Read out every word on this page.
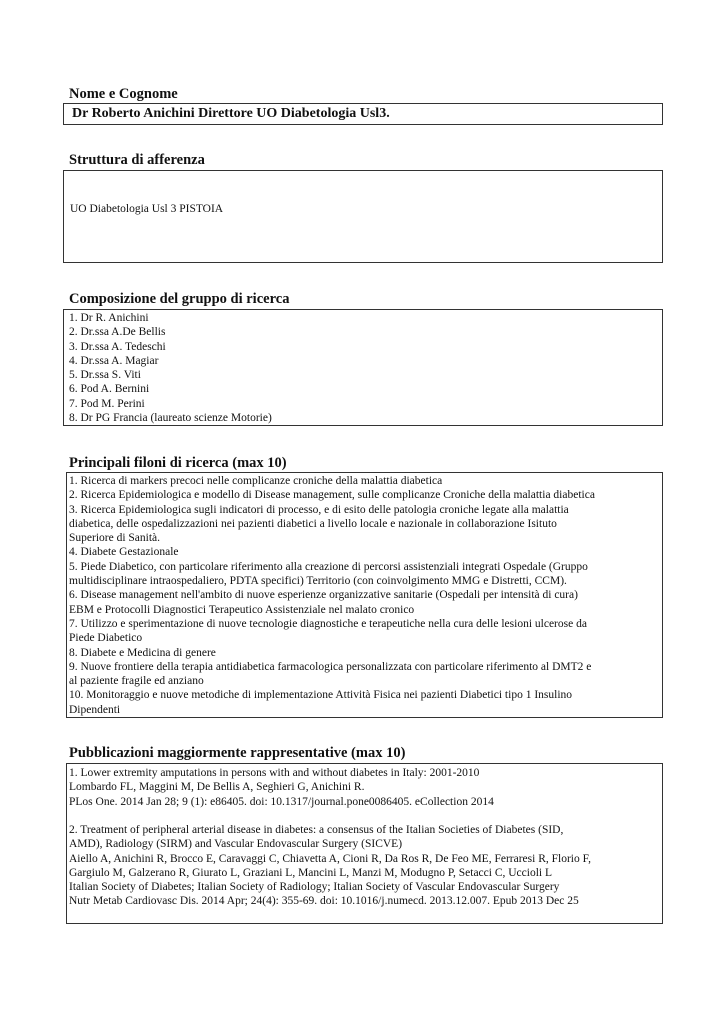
Nome e Cognome
Dr Roberto Anichini Direttore UO Diabetologia Usl3.
Struttura di afferenza
UO Diabetologia Usl 3 PISTOIA
Composizione del gruppo di ricerca
1. Dr R. Anichini
2. Dr.ssa A.De Bellis
3. Dr.ssa A. Tedeschi
4. Dr.ssa A. Magiar
5. Dr.ssa S. Viti
6. Pod A. Bernini
7. Pod M. Perini
8. Dr PG Francia (laureato scienze Motorie)
Principali filoni di ricerca (max 10)
1. Ricerca di markers precoci nelle complicanze croniche della malattia diabetica
2. Ricerca Epidemiologica e modello di Disease management, sulle complicanze Croniche della malattia diabetica
3. Ricerca Epidemiologica sugli indicatori di processo, e di esito delle patologia croniche legate alla malattia
diabetica, delle ospedalizzazioni nei pazienti diabetici a livello locale e nazionale in collaborazione Isituto
Superiore di Sanità.
4. Diabete Gestazionale
5. Piede Diabetico, con particolare riferimento alla creazione di percorsi assistenziali integrati Ospedale (Gruppo
multidisciplinare intraospedaliero, PDTA specifici) Territorio (con coinvolgimento MMG e Distretti, CCM).
6. Disease management nell'ambito di nuove esperienze organizzative sanitarie (Ospedali per intensità di cura)
EBM e Protocolli Diagnostici Terapeutico Assistenziale nel malato cronico
7. Utilizzo e sperimentazione di nuove tecnologie diagnostiche e terapeutiche nella cura delle lesioni ulcerose da
Piede Diabetico
8. Diabete e Medicina di genere
9. Nuove frontiere della terapia antidiabetica farmacologica personalizzata con particolare riferimento al DMT2 e
al paziente fragile ed anziano
10. Monitoraggio e nuove metodiche di implementazione Attività Fisica nei pazienti Diabetici tipo 1 Insulino
Dipendenti
Pubblicazioni maggiormente rappresentative (max 10)
1. Lower extremity amputations in persons with and without diabetes in Italy: 2001-2010
Lombardo FL, Maggini M, De Bellis A, Seghieri G, Anichini R.
PLos One. 2014 Jan 28; 9 (1): e86405. doi: 10.1317/journal.pone0086405. eCollection 2014
2. Treatment of peripheral arterial disease in diabetes: a consensus of the Italian Societies of Diabetes (SID,
AMD), Radiology (SIRM) and Vascular Endovascular Surgery (SICVE)
Aiello A, Anichini R, Brocco E, Caravaggi C, Chiavetta A, Cioni R, Da Ros R, De Feo ME, Ferraresi R, Florio F,
Gargiulo M, Galzerano R, Giurato L, Graziani L, Mancini L, Manzi M, Modugno P, Setacci C, Uccioli L
Italian Society of Diabetes; Italian Society of Radiology; Italian Society of Vascular Endovascular Surgery
Nutr Metab Cardiovasc Dis. 2014 Apr; 24(4): 355-69. doi: 10.1016/j.numecd. 2013.12.007. Epub 2013 Dec 25
